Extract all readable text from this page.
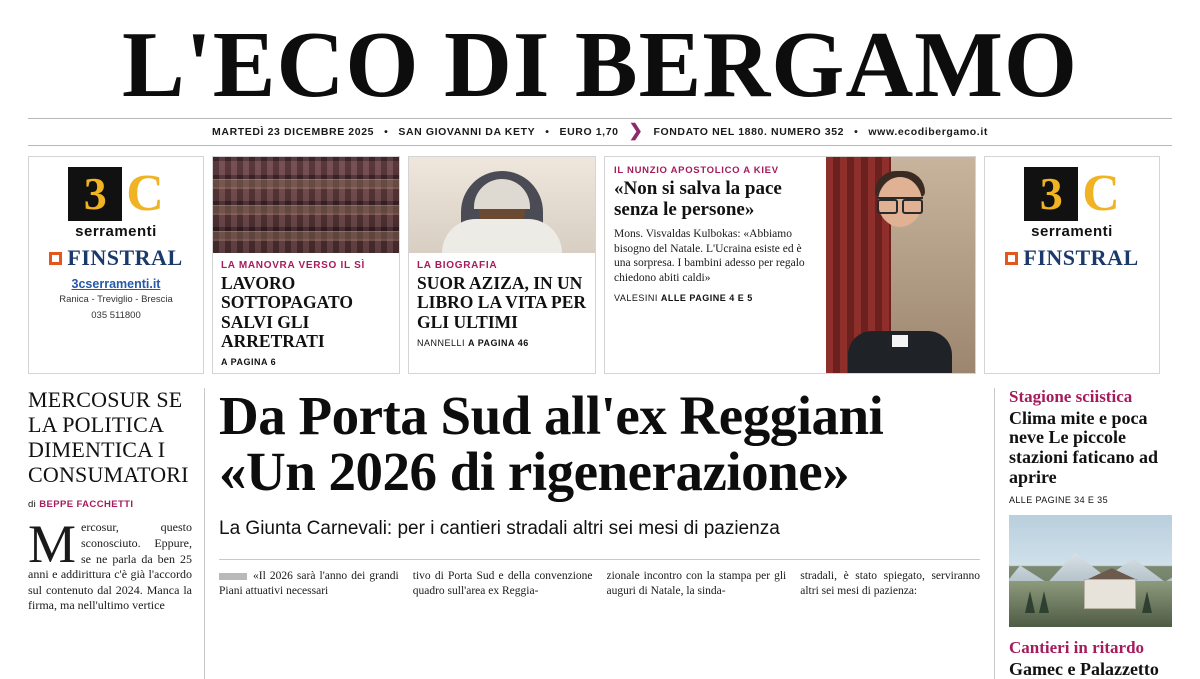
L'ECO DI BERGAMO
MARTEDÌ 23 DICEMBRE 2025 • SAN GIOVANNI DA KETY • EURO 1,70 ❯ FONDATO NEL 1880. NUMERO 352 • www.ecodibergamo.it
3 C
serramenti
FINSTRAL
3cserramenti.it
Ranica - Treviglio - Brescia
035 511800
LA MANOVRA VERSO IL SÌ
LAVORO SOTTOPAGATO SALVI GLI ARRETRATI
A PAGINA 6
LA BIOGRAFIA
SUOR AZIZA, IN UN LIBRO LA VITA PER GLI ULTIMI
NANNELLI A PAGINA 46
IL NUNZIO APOSTOLICO A KIEV
«Non si salva la pace senza le persone»

Mons. Visvaldas Kulbokas: «Abbiamo bisogno del Natale. L'Ucraina esiste ed è una sorpresa. I bambini adesso per regalo chiedono abiti caldi»

VALESINI ALLE PAGINE 4 E 5
3 C
serramenti
FINSTRAL
MERCOSUR SE LA POLITICA DIMENTICA I CONSUMATORI
di BEPPE FACCHETTI
Mercosur, questo sconosciuto. Eppure, se ne parla da ben 25 anni e addirittura c'è già l'accordo sul contenuto dal 2024. Manca la firma, ma nell'ultimo vertice
Da Porta Sud all'ex Reggiani
«Un 2026 di rigenerazione»

La Giunta Carnevali: per i cantieri stradali altri sei mesi di pazienza

«Il 2026 sarà l'anno dei grandi Piani attuativi necessari
tivo di Porta Sud e della convenzione quadro sull'area ex Reggia-
zionale incontro con la stampa per gli auguri di Natale, la sinda-
stradali, è stato spiegato, serviranno altri sei mesi di pazienza:
Stagione sciistica
Clima mite e poca neve Le piccole stazioni faticano ad aprire
ALLE PAGINE 34 E 35
Cantieri in ritardo
Gamec e Palazzetto
